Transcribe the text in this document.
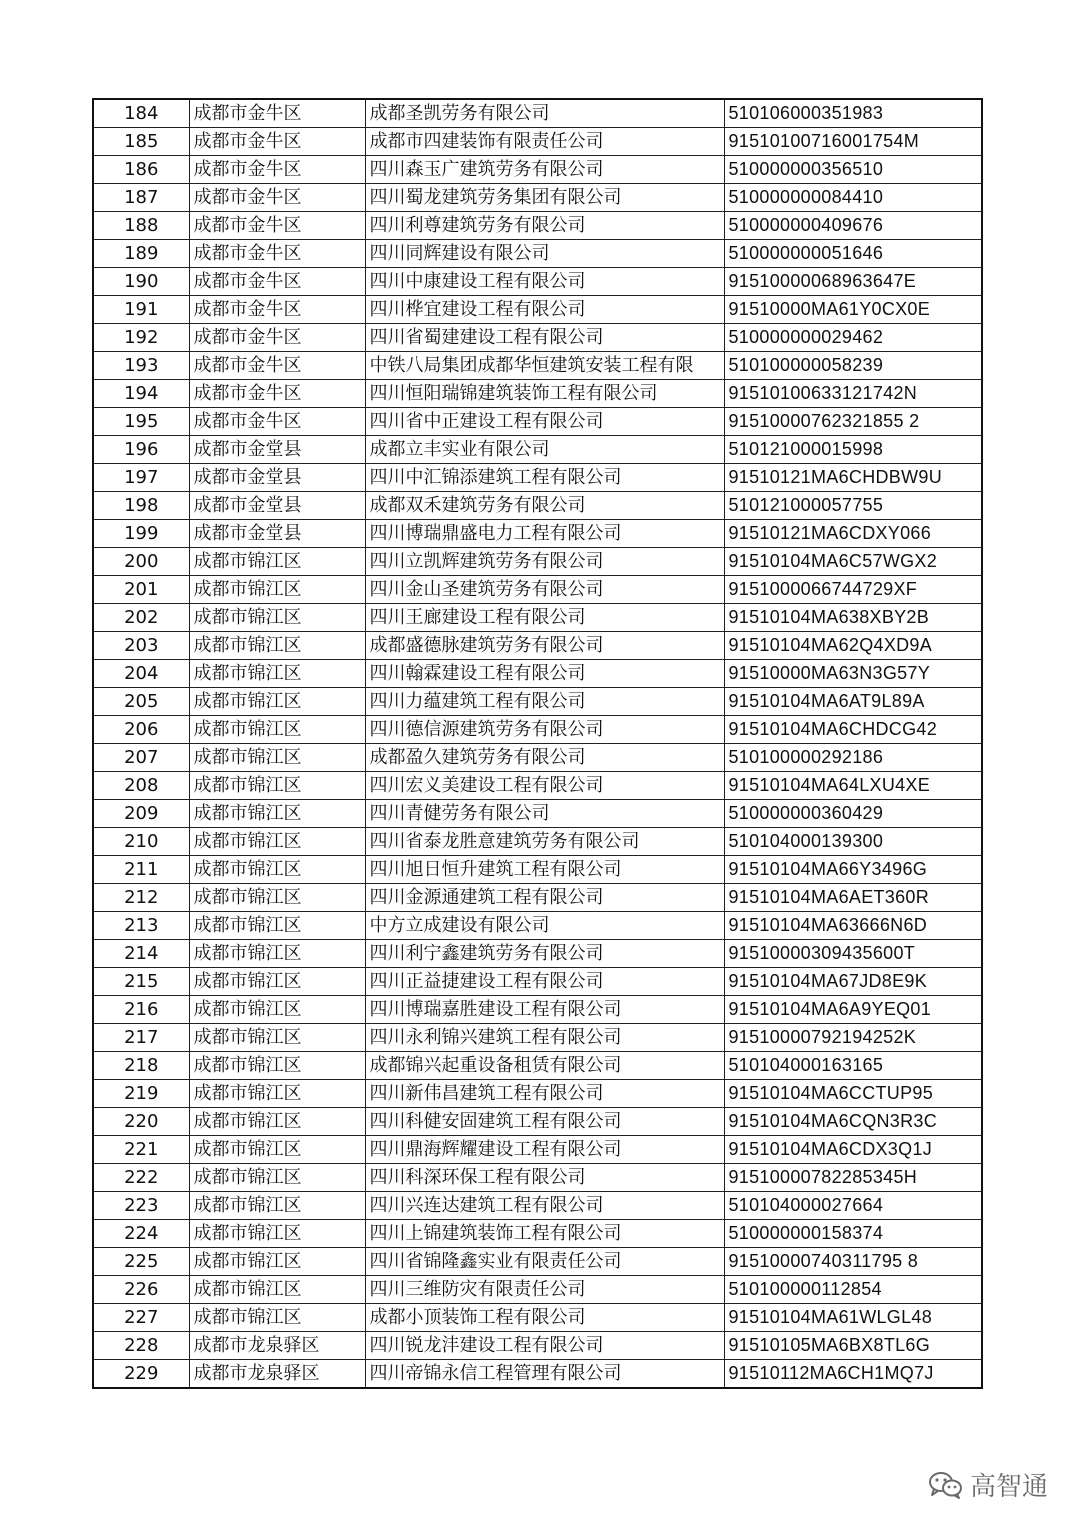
184	成都市金牛区	成都圣凯劳务有限公司	510106000351983
185	成都市金牛区	成都市四建装饰有限责任公司	91510100716001754M
186	成都市金牛区	四川森玉广建筑劳务有限公司	510000000356510
187	成都市金牛区	四川蜀龙建筑劳务集团有限公司	510000000084410
188	成都市金牛区	四川利尊建筑劳务有限公司	510000000409676
189	成都市金牛区	四川同辉建设有限公司	510000000051646
190	成都市金牛区	四川中康建设工程有限公司	91510000068963647E
191	成都市金牛区	四川桦宜建设工程有限公司	91510000MA61Y0CX0E
192	成都市金牛区	四川省蜀建建设工程有限公司	510000000029462
193	成都市金牛区	中铁八局集团成都华恒建筑安装工程有限	510100000058239
194	成都市金牛区	四川恒阳瑞锦建筑装饰工程有限公司	91510100633121742N
195	成都市金牛区	四川省中正建设工程有限公司	91510000762321855 2
196	成都市金堂县	成都立丰实业有限公司	510121000015998
197	成都市金堂县	四川中汇锦添建筑工程有限公司	91510121MA6CHDBW9U
198	成都市金堂县	成都双禾建筑劳务有限公司	510121000057755
199	成都市金堂县	四川博瑞鼎盛电力工程有限公司	91510121MA6CDXY066
200	成都市锦江区	四川立凯辉建筑劳务有限公司	91510104MA6C57WGX2
201	成都市锦江区	四川金山圣建筑劳务有限公司	9151000066744729XF
202	成都市锦江区	四川王廊建设工程有限公司	91510104MA638XBY2B
203	成都市锦江区	成都盛德脉建筑劳务有限公司	91510104MA62Q4XD9A
204	成都市锦江区	四川翰霖建设工程有限公司	91510000MA63N3G57Y
205	成都市锦江区	四川力蕴建筑工程有限公司	91510104MA6AT9L89A
206	成都市锦江区	四川德信源建筑劳务有限公司	91510104MA6CHDCG42
207	成都市锦江区	成都盈久建筑劳务有限公司	510100000292186
208	成都市锦江区	四川宏义美建设工程有限公司	91510104MA64LXU4XE
209	成都市锦江区	四川青健劳务有限公司	510000000360429
210	成都市锦江区	四川省泰龙胜意建筑劳务有限公司	510104000139300
211	成都市锦江区	四川旭日恒升建筑工程有限公司	91510104MA66Y3496G
212	成都市锦江区	四川金源通建筑工程有限公司	91510104MA6AET360R
213	成都市锦江区	中方立成建设有限公司	91510104MA63666N6D
214	成都市锦江区	四川利宁鑫建筑劳务有限公司	91510000309435600T
215	成都市锦江区	四川正益捷建设工程有限公司	91510104MA67JD8E9K
216	成都市锦江区	四川博瑞嘉胜建设工程有限公司	91510104MA6A9YEQ01
217	成都市锦江区	四川永利锦兴建筑工程有限公司	91510000792194252K
218	成都市锦江区	成都锦兴起重设备租赁有限公司	510104000163165
219	成都市锦江区	四川新伟昌建筑工程有限公司	91510104MA6CCTUP95
220	成都市锦江区	四川科健安固建筑工程有限公司	91510104MA6CQN3R3C
221	成都市锦江区	四川鼎海辉耀建设工程有限公司	91510104MA6CDX3Q1J
222	成都市锦江区	四川科深环保工程有限公司	91510000782285345H
223	成都市锦江区	四川兴连达建筑工程有限公司	510104000027664
224	成都市锦江区	四川上锦建筑装饰工程有限公司	510000000158374
225	成都市锦江区	四川省锦隆鑫实业有限责任公司	91510000740311795 8
226	成都市锦江区	四川三维防灾有限责任公司	510100000112854
227	成都市锦江区	成都小顶装饰工程有限公司	91510104MA61WLGL48
228	成都市龙泉驿区	四川锐龙沣建设工程有限公司	91510105MA6BX8TL6G
229	成都市龙泉驿区	四川帝锦永信工程管理有限公司	91510112MA6CH1MQ7J
高智通
